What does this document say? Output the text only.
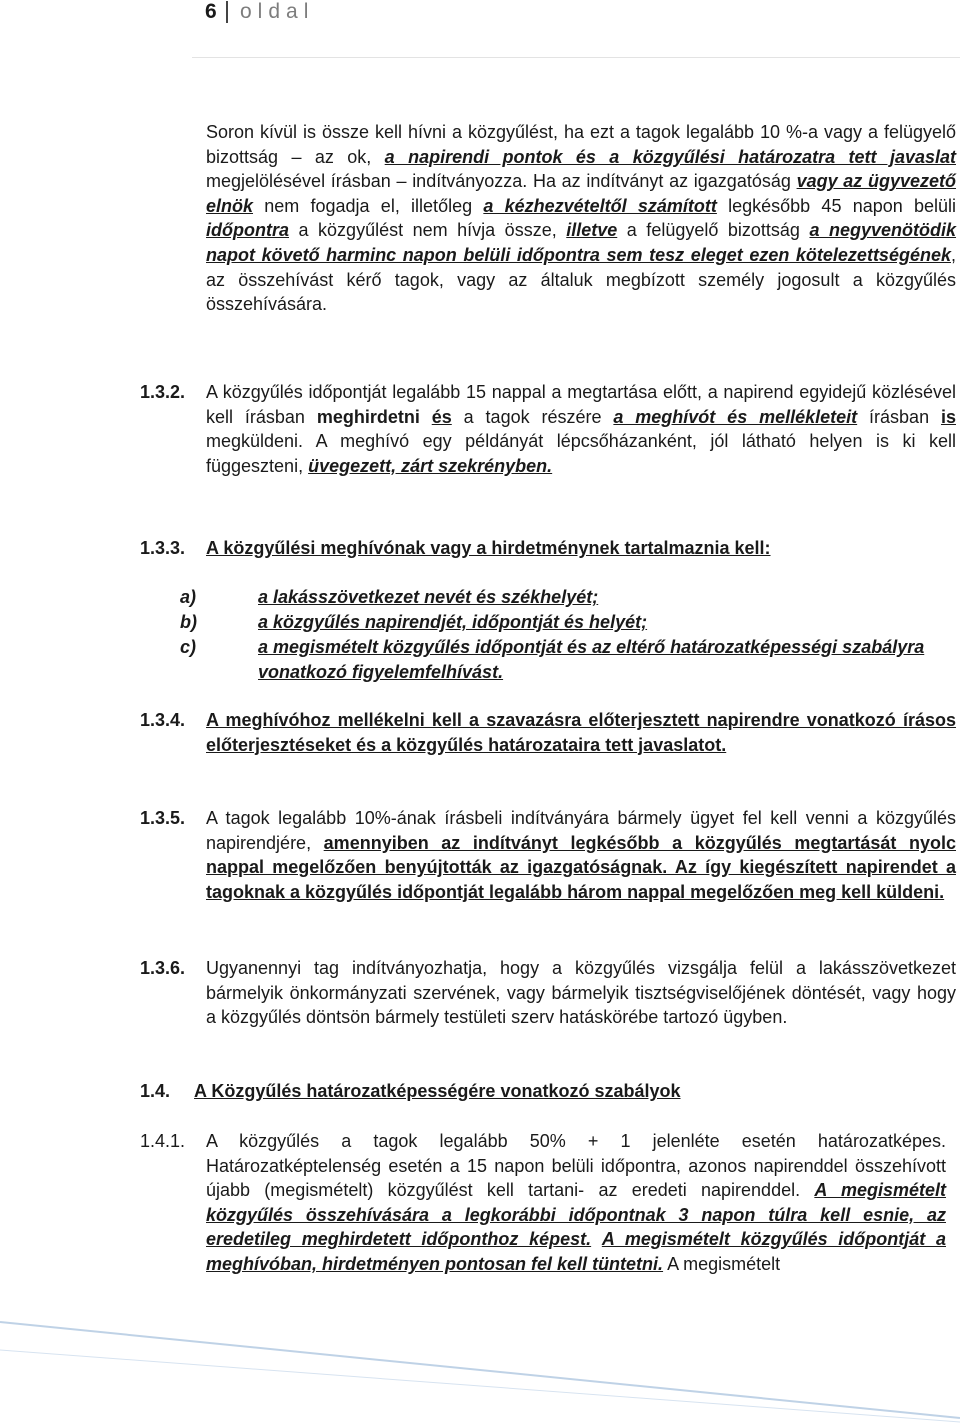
6 oldal

Soron kívül is össze kell hívni a közgyűlést, ha ezt a tagok legalább 10 %-a vagy a felügyelő bizottság – az ok, a napirendi pontok és a közgyűlési határozatra tett javaslat megjelölésével írásban – indítványozza. Ha az indítványt az igazgatóság vagy az ügyvezető elnök nem fogadja el, illetőleg a kézhezvételtől számított legkésőbb 45 napon belüli időpontra a közgyűlést nem hívja össze, illetve a felügyelő bizottság a negyvenötödik napot követő harminc napon belüli időpontra sem tesz eleget ezen kötelezettségének, az összehívást kérő tagok, vagy az általuk megbízott személy jogosult a közgyűlés összehívására.

1.3.2. A közgyűlés időpontját legalább 15 nappal a megtartása előtt, a napirend egyidejű közlésével kell írásban meghirdetni és a tagok részére a meghívót és mellékleteit írásban is megküldeni. A meghívó egy példányát lépcsőházanként, jól látható helyen is ki kell függeszteni, üvegezett, zárt szekrényben.

1.3.3. A közgyűlési meghívónak vagy a hirdetménynek tartalmaznia kell:

a)	a lakásszövetkezet nevét és székhelyét;

b)	a közgyűlés napirendjét, időpontját és helyét;

c)	a megismételt közgyűlés időpontját és az eltérő határozatképességi szabályra vonatkozó figyelemfelhívást.

1.3.4. A meghívóhoz mellékelni kell a szavazásra előterjesztett napirendre vonatkozó írásos előterjesztéseket és a közgyűlés határozataira tett javaslatot.

1.3.5. A tagok legalább 10%-ának írásbeli indítványára bármely ügyet fel kell venni a közgyűlés napirendjére, amennyiben az indítványt legkésőbb a közgyűlés megtartását nyolc nappal megelőzően benyújtották az igazgatóságnak. Az így kiegészített napirendet a tagoknak a közgyűlés időpontját legalább három nappal megelőzően meg kell küldeni.

1.3.6. Ugyanennyi tag indítványozhatja, hogy a közgyűlés vizsgálja felül a lakásszövetkezet bármelyik önkormányzati szervének, vagy bármelyik tisztségviselőjének döntését, vagy hogy a közgyűlés döntsön bármely testületi szerv hatáskörébe tartozó ügyben.

1.4. A Közgyűlés határozatképességére vonatkozó szabályok

1.4.1. A közgyűlés a tagok legalább 50% + 1 jelenléte esetén határozatképes. Határozatképtelenség esetén a 15 napon belüli időpontra, azonos napirenddel összehívott újabb (megismételt) közgyűlést kell tartani- az eredeti napirenddel. A megismételt közgyűlés összehívására a legkorábbi időpontnak 3 napon túlra kell esnie, az eredetileg meghirdetett időponthoz képest. A megismételt közgyűlés időpontját a meghívóban, hirdetményen pontosan fel kell tüntetni. A megismételt
